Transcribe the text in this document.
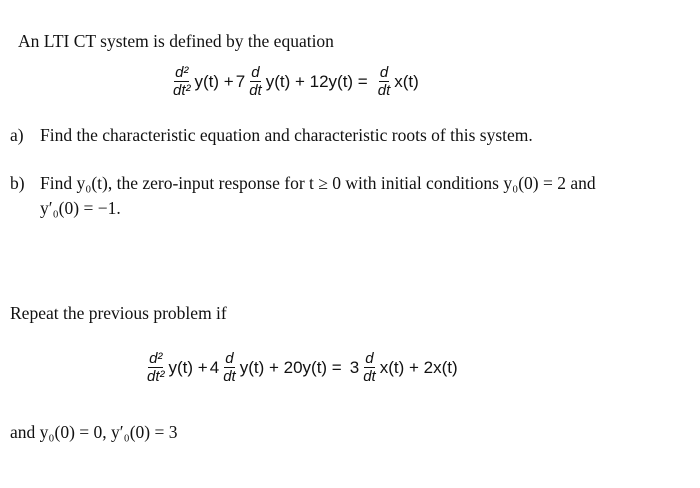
An LTI CT system is defined by the equation
$\frac{\text{d²}}{\text{dt²}} y(t) + 7 \frac{d}{dt} y(t) + 12y(t) = \frac{d}{dt} x(t)$
a) Find the characteristic equation and characteristic roots of this system.
b) Find y₀(t), the zero-input response for t ≥ 0 with initial conditions y₀(0) = 2 and
y′₀(0) = −1.
Repeat the previous problem if
$\frac{\text{d²}}{\text{dt²}} y(t) + 4 \frac{d}{dt} y(t) + 20y(t) = 3 \frac{d}{dt} x(t) + 2x(t)$
and y₀(0) = 0, y′₀(0) = 3
